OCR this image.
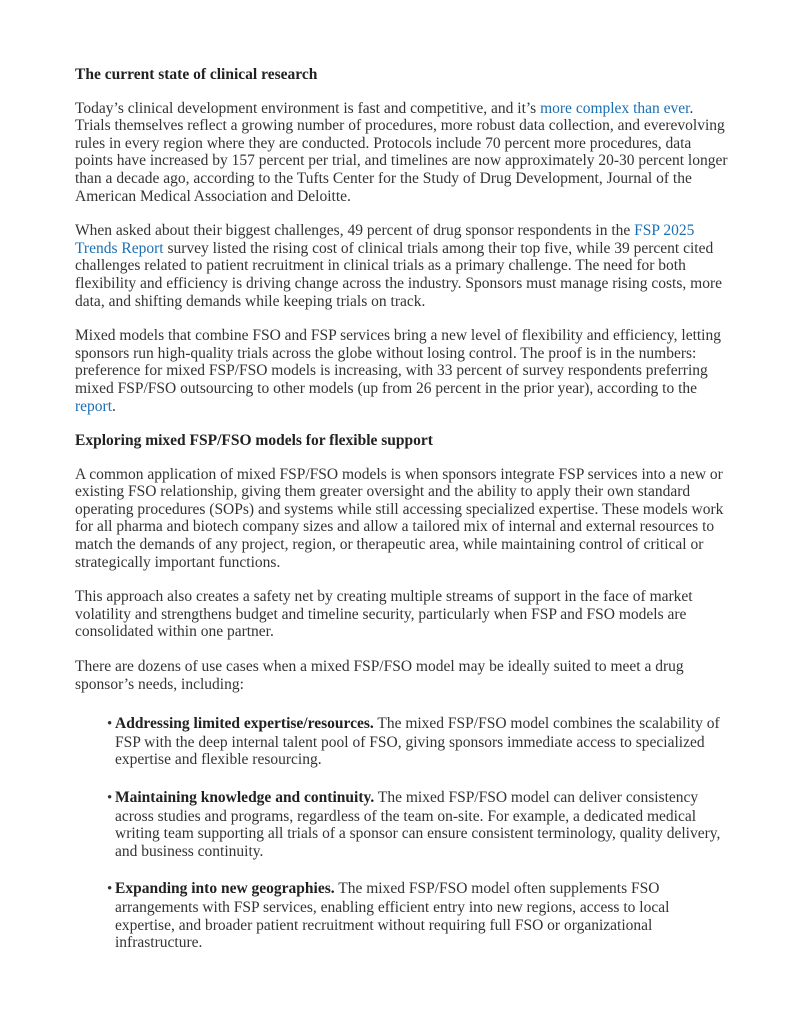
The current state of clinical research

Today’s clinical development environment is fast and competitive, and it’s more complex than ever. Trials themselves reflect a growing number of procedures, more robust data collection, and everevolving rules in every region where they are conducted. Protocols include 70 percent more procedures, data points have increased by 157 percent per trial, and timelines are now approximately 20-30 percent longer than a decade ago, according to the Tufts Center for the Study of Drug Development, Journal of the American Medical Association and Deloitte.

When asked about their biggest challenges, 49 percent of drug sponsor respondents in the FSP 2025 Trends Report survey listed the rising cost of clinical trials among their top five, while 39 percent cited challenges related to patient recruitment in clinical trials as a primary challenge. The need for both flexibility and efficiency is driving change across the industry. Sponsors must manage rising costs, more data, and shifting demands while keeping trials on track.

Mixed models that combine FSO and FSP services bring a new level of flexibility and efficiency, letting sponsors run high-quality trials across the globe without losing control. The proof is in the numbers: preference for mixed FSP/FSO models is increasing, with 33 percent of survey respondents preferring mixed FSP/FSO outsourcing to other models (up from 26 percent in the prior year), according to the report.

Exploring mixed FSP/FSO models for flexible support

A common application of mixed FSP/FSO models is when sponsors integrate FSP services into a new or existing FSO relationship, giving them greater oversight and the ability to apply their own standard operating procedures (SOPs) and systems while still accessing specialized expertise. These models work for all pharma and biotech company sizes and allow a tailored mix of internal and external resources to match the demands of any project, region, or therapeutic area, while maintaining control of critical or strategically important functions.

This approach also creates a safety net by creating multiple streams of support in the face of market volatility and strengthens budget and timeline security, particularly when FSP and FSO models are consolidated within one partner.

There are dozens of use cases when a mixed FSP/FSO model may be ideally suited to meet a drug sponsor’s needs, including:

• Addressing limited expertise/resources. The mixed FSP/FSO model combines the scalability of FSP with the deep internal talent pool of FSO, giving sponsors immediate access to specialized expertise and flexible resourcing.
• Maintaining knowledge and continuity. The mixed FSP/FSO model can deliver consistency across studies and programs, regardless of the team on-site. For example, a dedicated medical writing team supporting all trials of a sponsor can ensure consistent terminology, quality delivery, and business continuity.
• Expanding into new geographies. The mixed FSP/FSO model often supplements FSO arrangements with FSP services, enabling efficient entry into new regions, access to local expertise, and broader patient recruitment without requiring full FSO or organizational infrastructure.
